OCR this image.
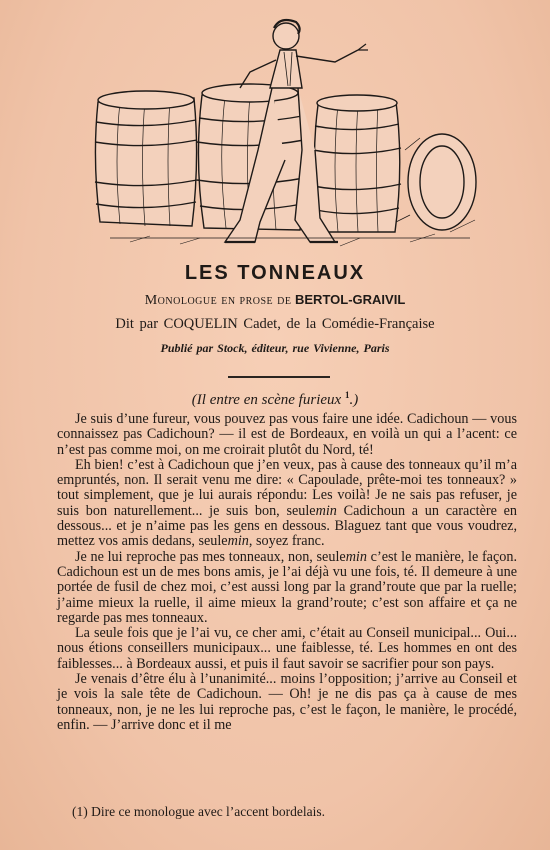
LES TONNEAUX
Monologue en prose de BERTOL-GRAIVIL
Dit par COQUELIN Cadet, de la Comédie-Française
Publié par Stock, éditeur, rue Vivienne, Paris
(Il entre en scène furieux $^1$.)

Je suis d’une fureur, vous pouvez pas vous faire une idée. Cadichoun — vous connaissez pas Cadichoun? — il est de Bordeaux, en voilà un qui a l’acent: ce n’est pas comme moi, on me croirait plutôt du Nord, té!

Eh bien! c’est à Cadichoun que j’en veux, pas à cause des tonneaux qu’il m’a empruntés, non. Il serait venu me dire: « Capoulade, prête-moi tes tonneaux? » tout simplement, que je lui aurais répondu: Les voilà! Je ne sais pas refuser, je suis bon naturellement... je suis bon, seulemin Cadichoun a un caractère en dessous... et je n’aime pas les gens en dessous. Blaguez tant que vous voudrez, mettez vos amis dedans, seulemin, soyez franc.

Je ne lui reproche pas mes tonneaux, non, seulemin c’est le manière, le façon. Cadichoun est un de mes bons amis, je l’ai déjà vu une fois, té. Il demeure à une portée de fusil de chez moi, c’est aussi long par la grand’route que par la ruelle; j’aime mieux la ruelle, il aime mieux la grand’route; c’est son affaire et ça ne regarde pas mes tonneaux.

La seule fois que je l’ai vu, ce cher ami, c’était au Conseil municipal... Oui... nous étions conseillers municipaux... une faiblesse, té. Les hommes en ont des faiblesses... à Bordeaux aussi, et puis il faut savoir se sacrifier pour son pays.

Je venais d’être élu à l’unanimité... moins l’opposition; j’arrive au Conseil et je vois la sale tête de Cadichoun. — Oh! je ne dis pas ça à cause de mes tonneaux, non, je ne les lui reproche pas, c’est le façon, le manière, le procédé, enfin. — J’arrive donc et il me

(1) Dire ce monologue avec l’accent bordelais.
